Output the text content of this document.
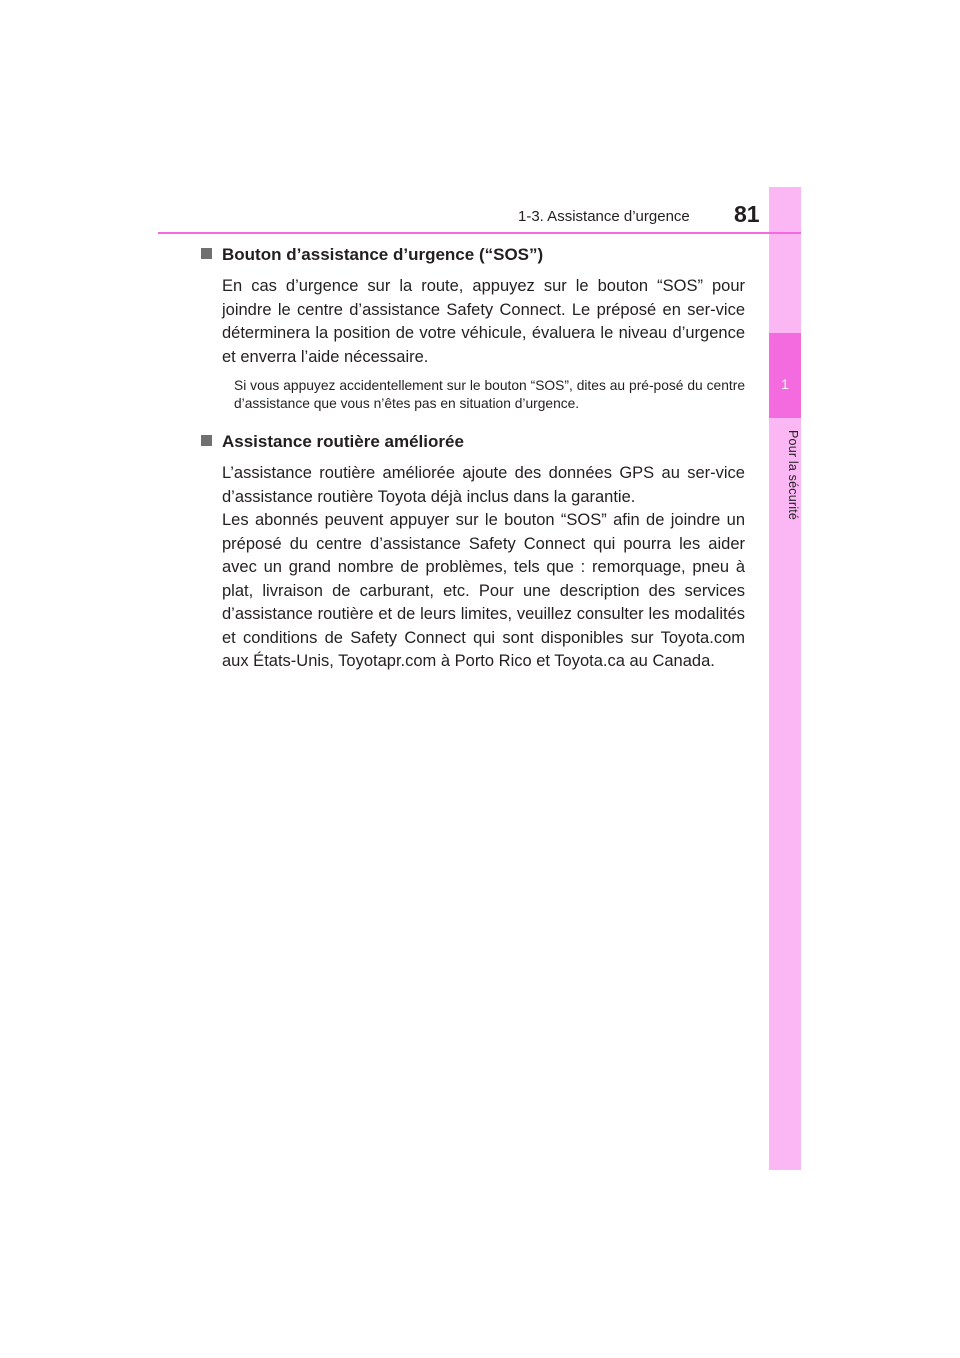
1
Pour la sécurité
1-3. Assistance d’urgence 81
Bouton d’assistance d’urgence (“SOS”)

En cas d’urgence sur la route, appuyez sur le bouton “SOS” pour joindre le centre d’assistance Safety Connect. Le préposé en ser-vice déterminera la position de votre véhicule, évaluera le niveau d’urgence et enverra l’aide nécessaire.

Si vous appuyez accidentellement sur le bouton “SOS”, dites au pré-posé du centre d’assistance que vous n’êtes pas en situation d’urgence.

Assistance routière améliorée

L’assistance routière améliorée ajoute des données GPS au ser-vice d’assistance routière Toyota déjà inclus dans la garantie.

Les abonnés peuvent appuyer sur le bouton “SOS” afin de joindre un préposé du centre d’assistance Safety Connect qui pourra les aider avec un grand nombre de problèmes, tels que : remorquage, pneu à plat, livraison de carburant, etc. Pour une description des services d’assistance routière et de leurs limites, veuillez consulter les modalités et conditions de Safety Connect qui sont disponibles sur Toyota.com aux États-Unis, Toyotapr.com à Porto Rico et Toyota.ca au Canada.
